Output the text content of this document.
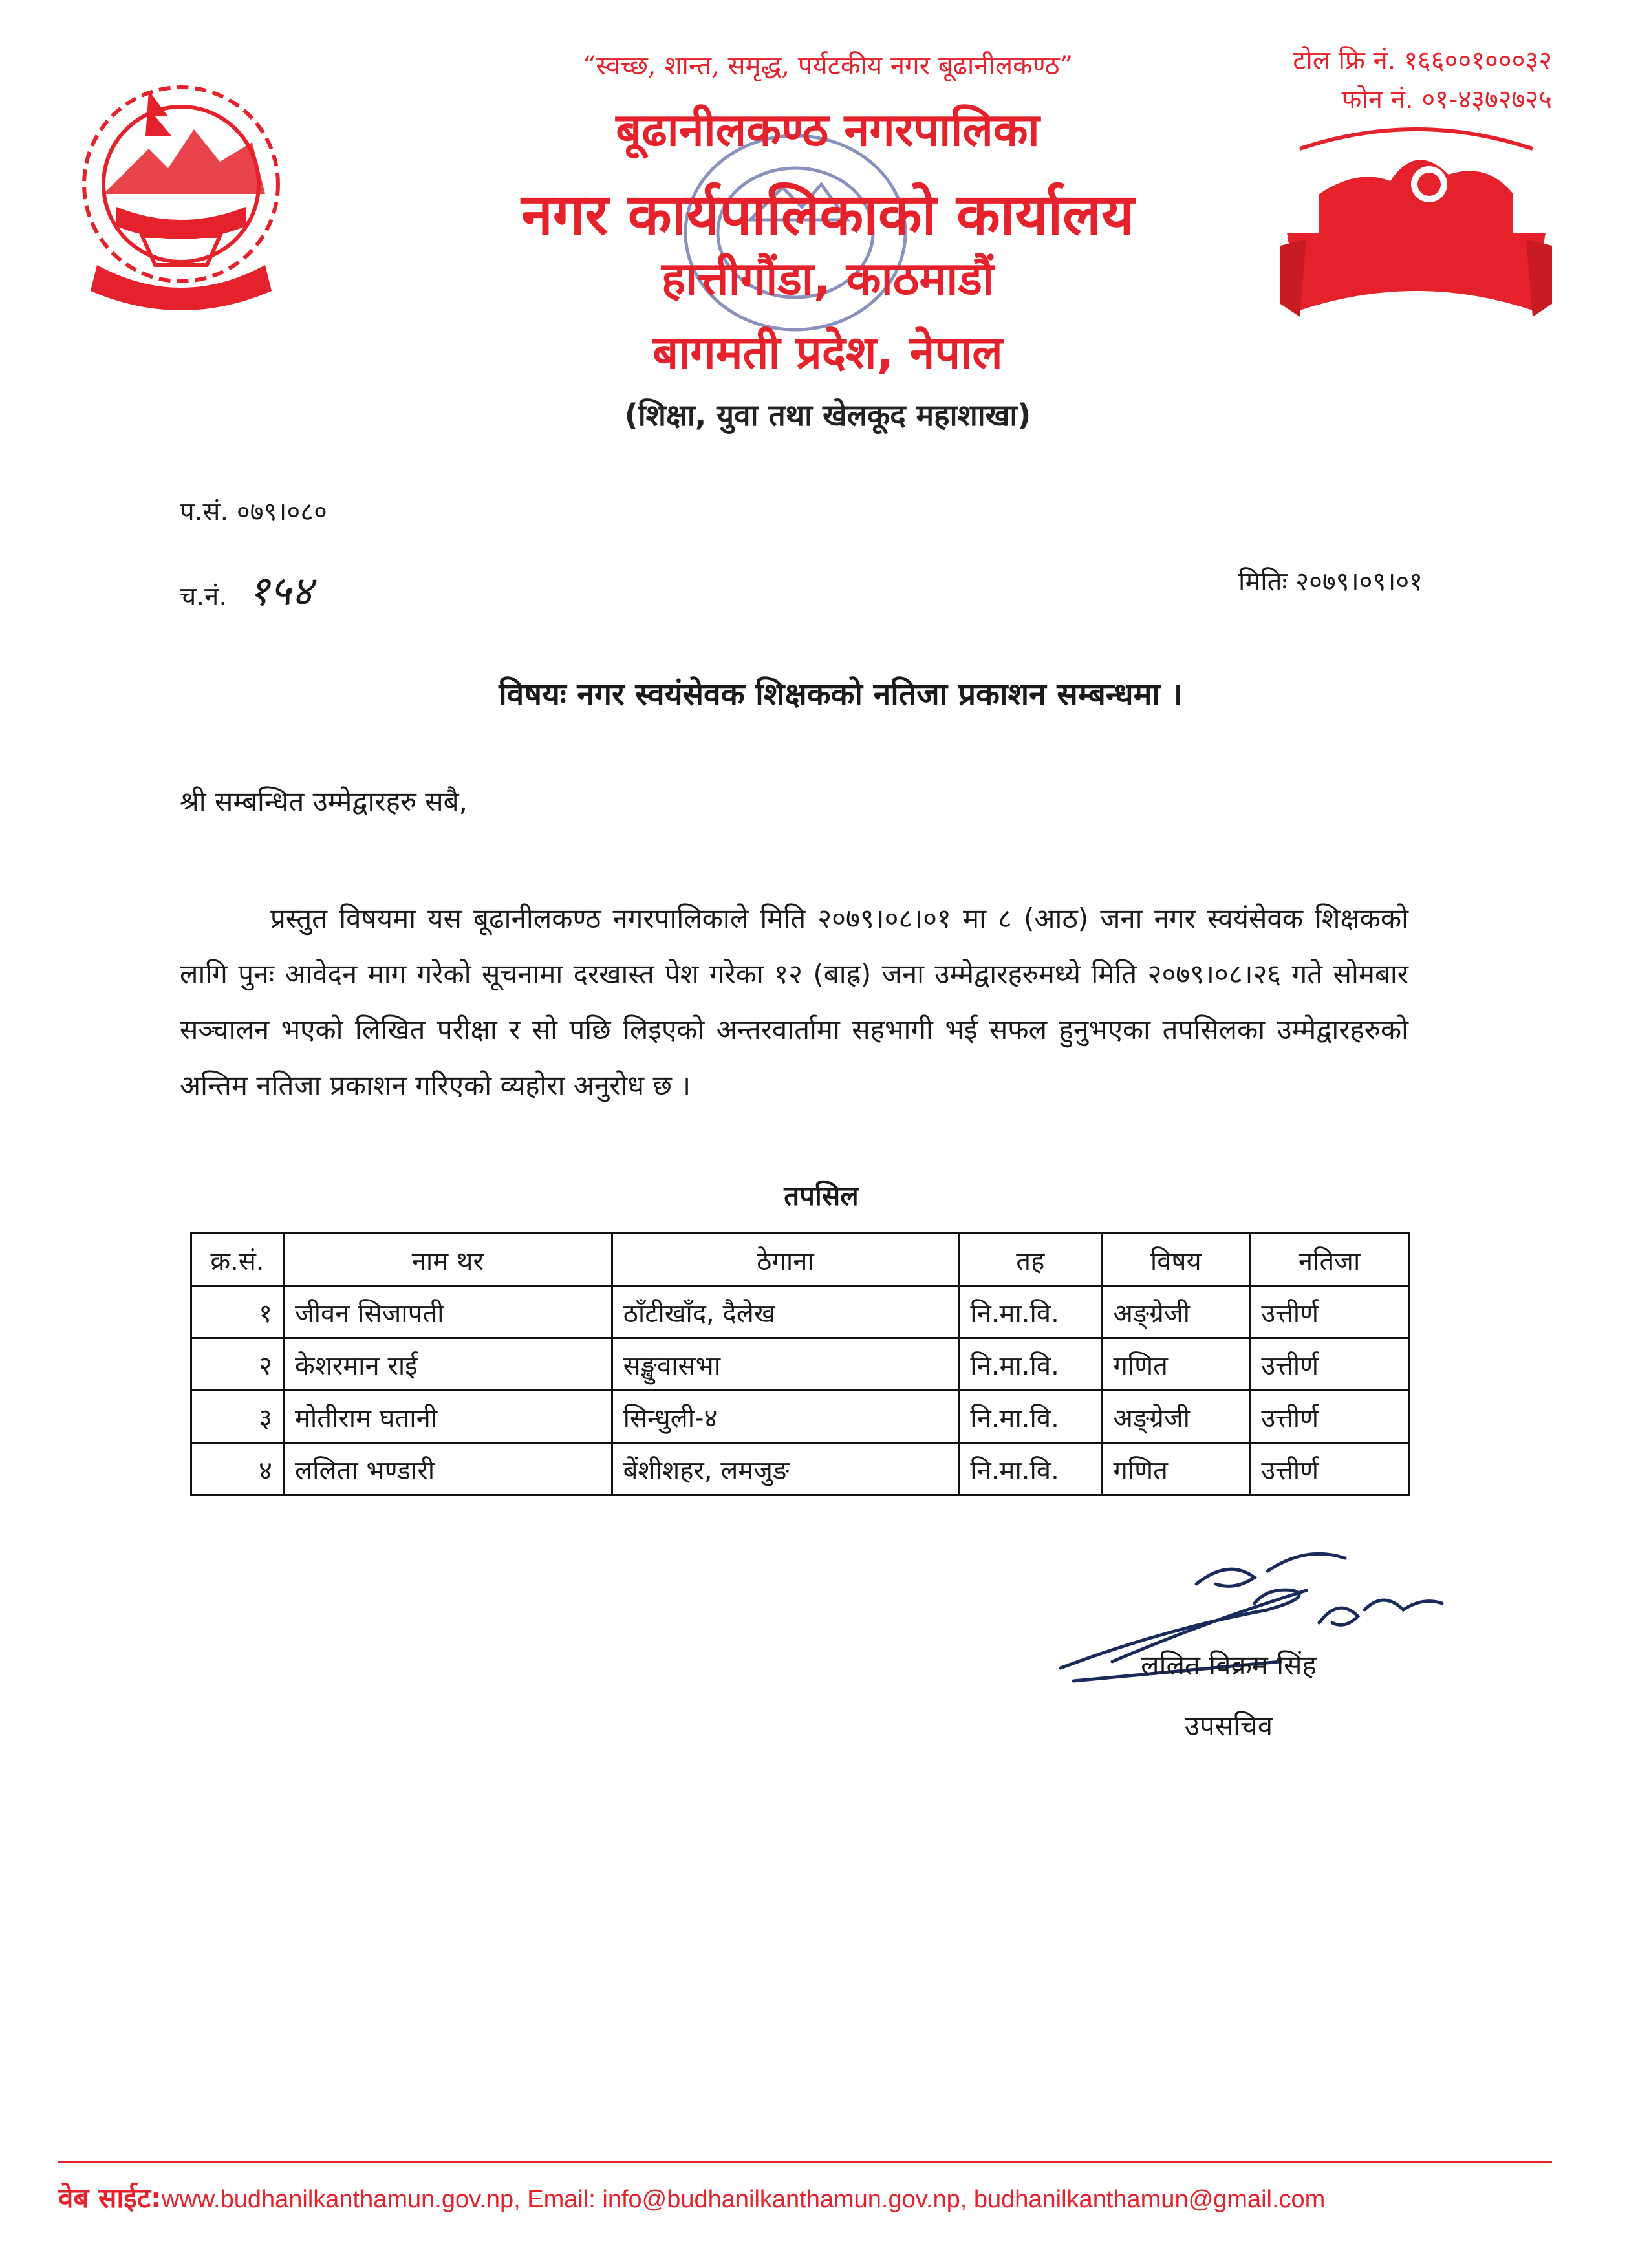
“स्वच्छ, शान्त, समृद्ध, पर्यटकीय नगर बूढानीलकण्ठ”
बूढानीलकण्ठ नगरपालिका
नगर कार्यपालिकाको कार्यालय
हात्तीगौंडा, काठमाडौं
बागमती प्रदेश, नेपाल
(शिक्षा, युवा तथा खेलकूद महाशाखा)
टोल फ्रि नं. १६६००१०००३२
फोन नं. ०१-४३७२७२५
प.सं. ०७९।०८०
च.नं. १५४	मितिः २०७९।०९।०१
विषयः नगर स्वयंसेवक शिक्षकको नतिजा प्रकाशन सम्बन्धमा ।
श्री सम्बन्धित उम्मेद्वारहरु सबै,
प्रस्तुत विषयमा यस बूढानीलकण्ठ नगरपालिकाले मिति २०७९।०८।०१ मा ८ (आठ) जना नगर स्वयंसेवक शिक्षकको लागि पुनः आवेदन माग गरेको सूचनामा दरखास्त पेश गरेका १२ (बाह्र) जना उम्मेद्वारहरुमध्ये मिति २०७९।०८।२६ गते सोमबार सञ्चालन भएको लिखित परीक्षा र सो पछि लिइएको अन्तरवार्तामा सहभागी भई सफल हुनुभएका तपसिलका उम्मेद्वारहरुको अन्तिम नतिजा प्रकाशन गरिएको व्यहोरा अनुरोध छ ।
तपसिल
क्र.सं.	नाम थर	ठेगाना	तह	विषय	नतिजा
१	जीवन सिजापती	ठाँटीखाँद, दैलेख	नि.मा.वि.	अङ्ग्रेजी	उत्तीर्ण
२	केशरमान राई	सङ्खुवासभा	नि.मा.वि.	गणित	उत्तीर्ण
३	मोतीराम घतानी	सिन्धुली-४	नि.मा.वि.	अङ्ग्रेजी	उत्तीर्ण
४	ललिता भण्डारी	बेंशीशहर, लमजुङ	नि.मा.वि.	गणित	उत्तीर्ण
ललित विक्रम सिंह
उपसचिव
वेब साईट:www.budhanilkanthamun.gov.np, Email: info@budhanilkanthamun.gov.np, budhanilkanthamun@gmail.com
